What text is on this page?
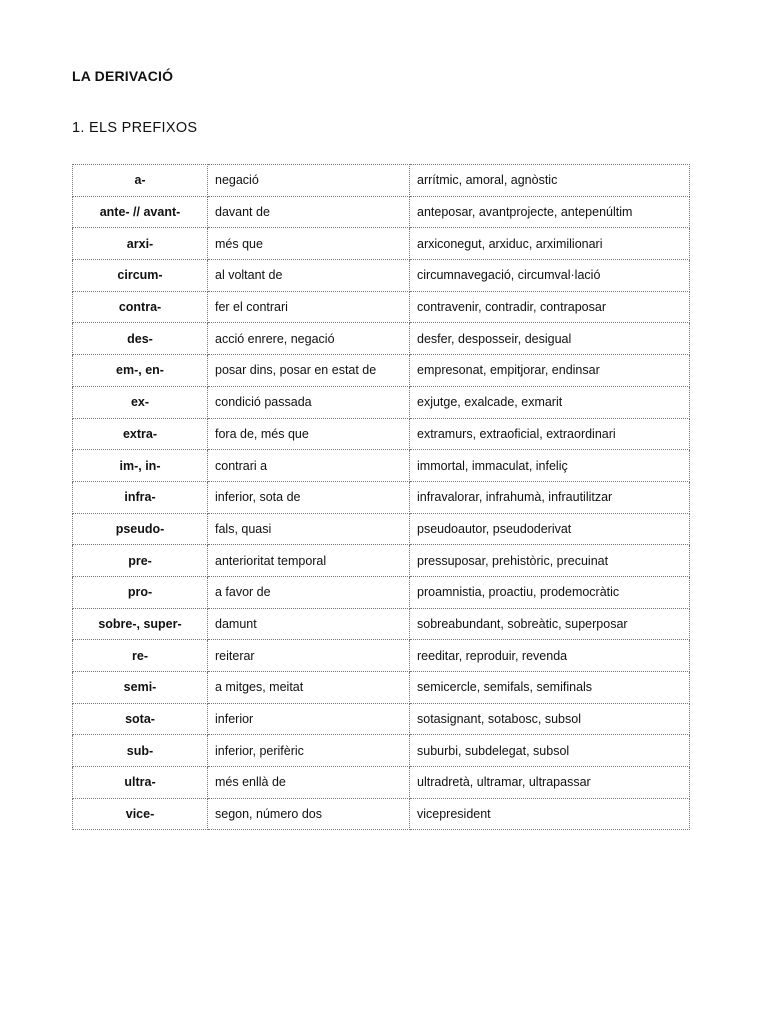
LA DERIVACIÓ
1. ELS PREFIXOS
a-	negació	arrítmic, amoral, agnòstic
ante- // avant-	davant de	anteposar, avantprojecte, antepenúltim
arxi-	més que	arxiconegut, arxiduc, arximilionari
circum-	al voltant de	circumnavegació, circumval·lació
contra-	fer el contrari	contravenir, contradir, contraposar
des-	acció enrere, negació	desfer, desposseir, desigual
em-, en-	posar dins, posar en estat de	empresonat, empitjorar, endinsar
ex-	condició passada	exjutge, exalcade, exmarit
extra-	fora de, més que	extramurs, extraoficial, extraordinari
im-, in-	contrari a	immortal, immaculat, infeliç
infra-	inferior, sota de	infravalorar, infrahumà, infrautilitzar
pseudo-	fals, quasi	pseudoautor, pseudoderivat
pre-	anterioritat temporal	pressuposar, prehistòric, precuinat
pro-	a favor de	proamnistia, proactiu, prodemocràtic
sobre-, super-	damunt	sobreabundant, sobreàtic, superposar
re-	reiterar	reeditar, reproduir, revenda
semi-	a mitges, meitat	semicercle, semifals, semifinals
sota-	inferior	sotasignant, sotabosc, subsol
sub-	inferior, perifèric	suburbi, subdelegat, subsol
ultra-	més enllà de	ultradretà, ultramar, ultrapassar
vice-	segon, número dos	vicepresident
